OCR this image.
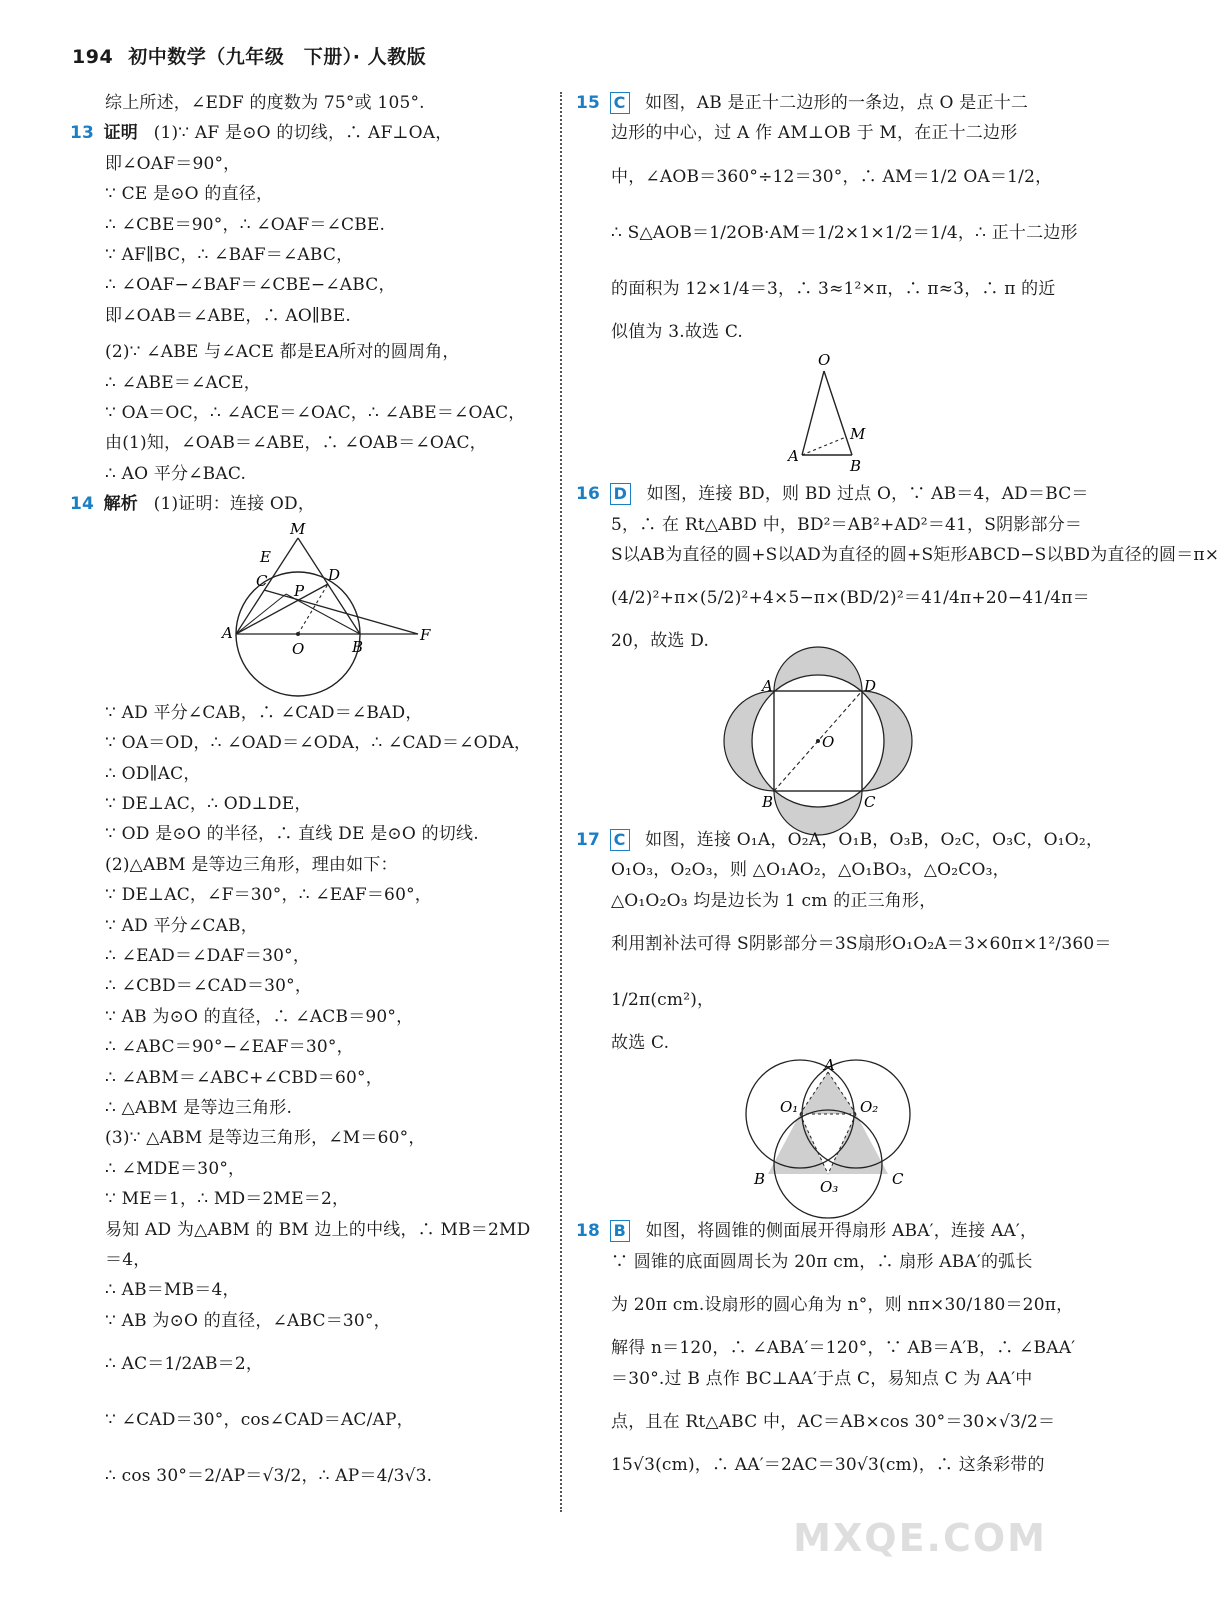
194 初中数学（九年级　下册）· 人教版
综上所述，∠EDF 的度数为 75°或 105°.
13 证明 (1)∵ AF 是⊙O 的切线，∴ AF⊥OA，
即∠OAF＝90°，
∵ CE 是⊙O 的直径，
∴ ∠CBE＝90°，∴ ∠OAF＝∠CBE.
∵ AF∥BC，∴ ∠BAF＝∠ABC，
∴ ∠OAF−∠BAF＝∠CBE−∠ABC，
即∠OAB＝∠ABE，∴ AO∥BE.
(2)∵ ∠ABE 与∠ACE 都是EA所对的圆周角，
∴ ∠ABE＝∠ACE，
∵ OA＝OC，∴ ∠ACE＝∠OAC，∴ ∠ABE＝∠OAC，
由(1)知，∠OAB＝∠ABE，∴ ∠OAB＝∠OAC，
∴ AO 平分∠BAC.
14 解析 (1)证明：连接 OD，
M
E
C	D
P
A
O	B
F
∵ AD 平分∠CAB，∴ ∠CAD＝∠BAD，
∵ OA＝OD，∴ ∠OAD＝∠ODA，∴ ∠CAD＝∠ODA，
∴ OD∥AC，
∵ DE⊥AC，∴ OD⊥DE，
∵ OD 是⊙O 的半径，∴ 直线 DE 是⊙O 的切线.
(2)△ABM 是等边三角形，理由如下：
∵ DE⊥AC，∠F＝30°，∴ ∠EAF＝60°，
∵ AD 平分∠CAB，
∴ ∠EAD＝∠DAF＝30°，
∴ ∠CBD＝∠CAD＝30°，
∵ AB 为⊙O 的直径，∴ ∠ACB＝90°，
∴ ∠ABC＝90°−∠EAF＝30°，
∴ ∠ABM＝∠ABC+∠CBD＝60°，
∴ △ABM 是等边三角形.
(3)∵ △ABM 是等边三角形，∠M＝60°，
∴ ∠MDE＝30°，
∵ ME＝1，∴ MD＝2ME＝2，
易知 AD 为△ABM 的 BM 边上的中线，∴ MB＝2MD
＝4，
∴ AB＝MB＝4，
∵ AB 为⊙O 的直径，∠ABC＝30°，
∴ AC＝1/2AB＝2，
∵ ∠CAD＝30°，cos∠CAD＝AC/AP，
∴ cos 30°＝2/AP＝√3/2，∴ AP＝4/3√3.
15 C 如图，AB 是正十二边形的一条边，点 O 是正十二
边形的中心，过 A 作 AM⊥OB 于 M，在正十二边形
中，∠AOB＝360°÷12＝30°，∴ AM＝1/2 OA＝1/2，
∴ S△AOB＝1/2OB·AM＝1/2×1×1/2＝1/4，∴ 正十二边形
的面积为 12×1/4＝3，∴ 3≈1²×π，∴ π≈3，∴ π 的近
似值为 3.故选 C.
O
M
A
B
16 D 如图，连接 BD，则 BD 过点 O，∵ AB＝4，AD＝BC＝
5，∴ 在 Rt△ABD 中，BD²＝AB²+AD²＝41，S阴影部分＝
S以AB为直径的圆+S以AD为直径的圆+S矩形ABCD−S以BD为直径的圆＝π×
(4/2)²+π×(5/2)²+4×5−π×(BD/2)²＝41/4π+20−41/4π＝
20，故选 D.
A	D
O
B	C
17 C 如图，连接 O₁A，O₂A，O₁B，O₃B，O₂C，O₃C，O₁O₂，
O₁O₃，O₂O₃，则 △O₁AO₂，△O₁BO₃，△O₂CO₃，
△O₁O₂O₃ 均是边长为 1 cm 的正三角形，
利用割补法可得 S阴影部分＝3S扇形O₁O₂A＝3×60π×1²/360＝
1/2π(cm²)，
故选 C.
A
O₁	O₂
O₃
B	C
18 B 如图，将圆锥的侧面展开得扇形 ABA′，连接 AA′，
∵ 圆锥的底面圆周长为 20π cm，∴ 扇形 ABA′的弧长
为 20π cm.设扇形的圆心角为 n°，则 nπ×30/180＝20π，
解得 n＝120，∴ ∠ABA′＝120°，∵ AB＝A′B，∴ ∠BAA′
＝30°.过 B 点作 BC⊥AA′于点 C，易知点 C 为 AA′中
点，且在 Rt△ABC 中，AC＝AB×cos 30°＝30×√3/2＝
15√3(cm)，∴ AA′＝2AC＝30√3(cm)，∴ 这条彩带的
MXQE.COM
